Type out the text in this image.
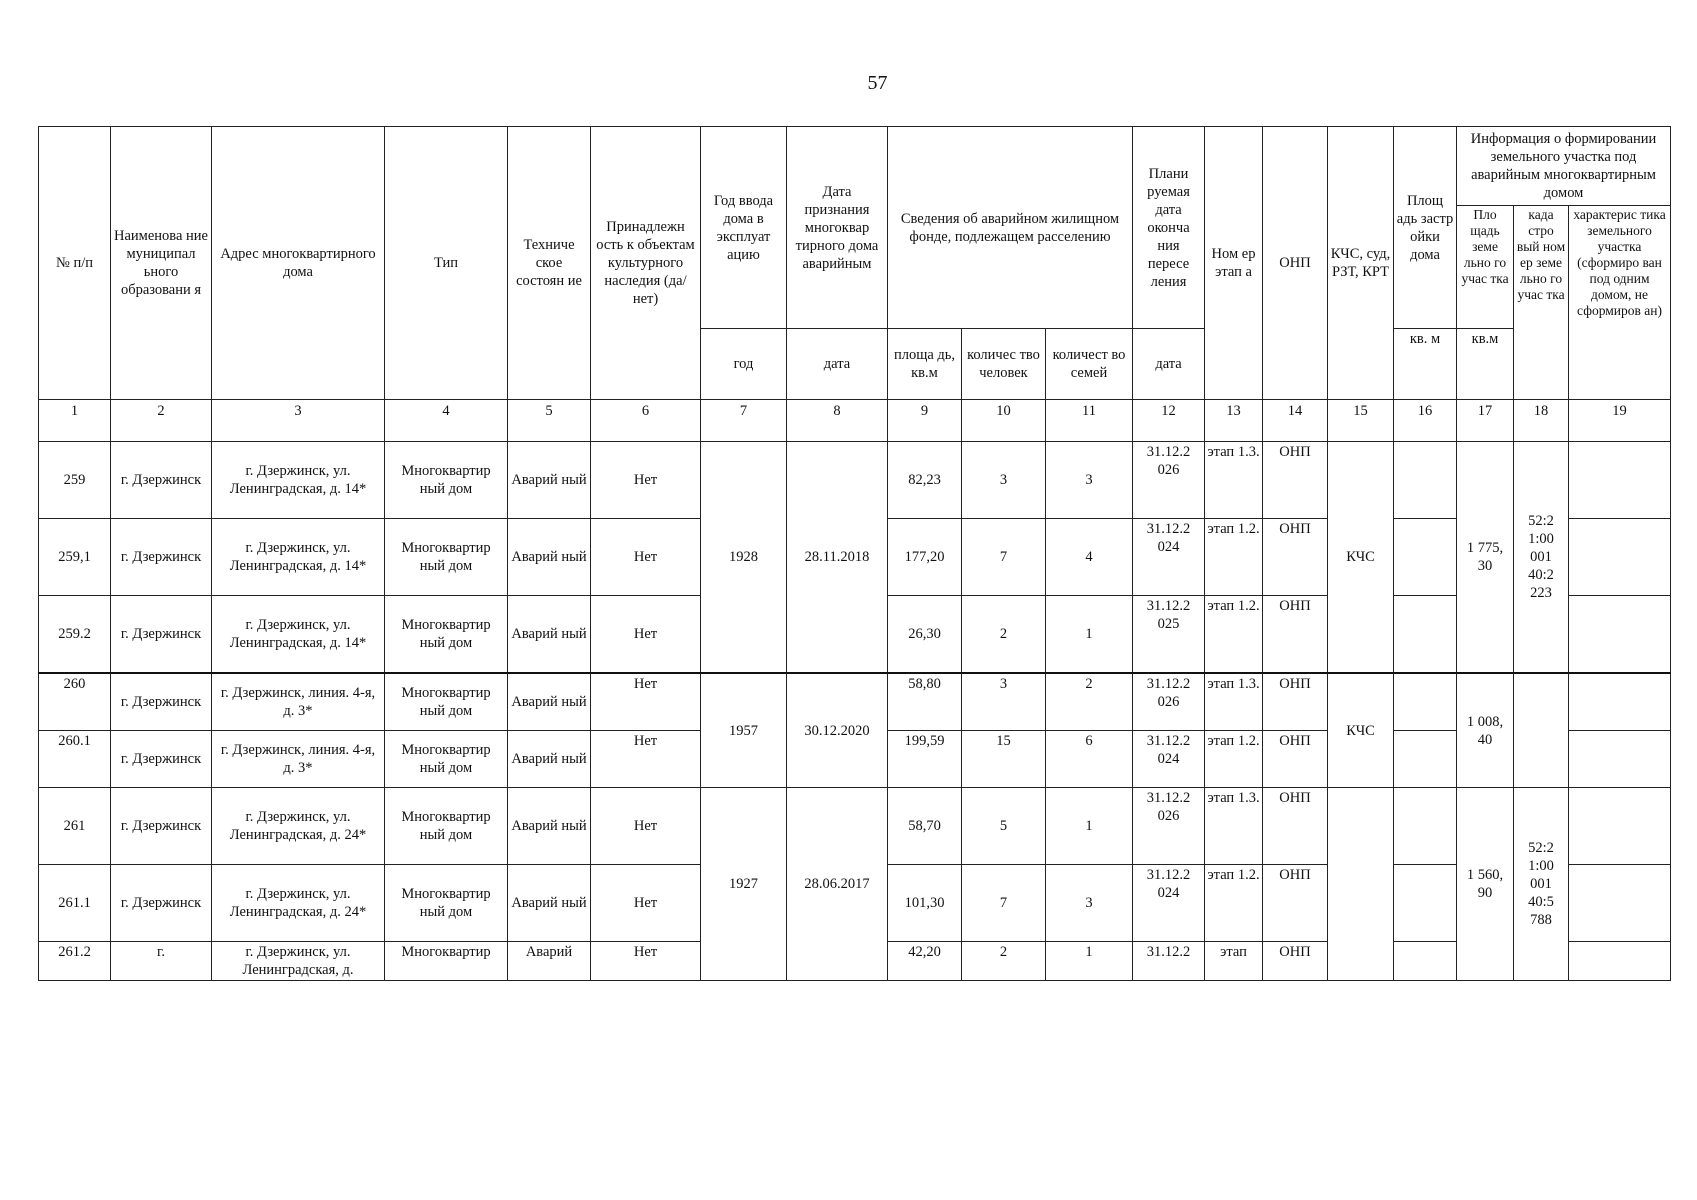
57
№ п/п	Наименова ние муниципал ьного образовани я	Адрес многоквартирного дома	Тип	Техниче ское состоян ие	Принадлежн ость к объектам культурного наследия (да/нет)	Год ввода дома в эксплуат ацию	Дата признания многоквар тирного дома аварийным	Сведения об аварийном жилищном фонде, подлежащем расселению			Плани руемая дата оконча ния пересе ления	Ном ер этап а	ОНП	КЧС, суд, РЗТ, КРТ	Площ адь застр ойки дома	Информация о формировании земельного участка под аварийным многоквартирным домом		
																Пло щадь земе льно го учас тка	када стро вый ном ер земе льно го учас тка	характерис тика земельного участка (сформиро ван под одним домом, не сформиров ан)
						год	дата	площа дь, кв.м	количес тво человек	количест во семей	дата				кв. м	кв.м		
1	2	3	4	5	6	7	8	9	10	11	12	13	14	15	16	17	18	19
259	г. Дзержинск	г. Дзержинск, ул. Ленинградская, д. 14*	Многоквартир ный дом	Аварий ный	Нет	1928	28.11.2018	82,23	3	3	31.12.2 026	этап 1.3.	ОНП	КЧС		1 775, 30	52:2 1:00 001 40:2 223	
259,1	г. Дзержинск	г. Дзержинск, ул. Ленинградская, д. 14*	Многоквартир ный дом	Аварий ный	Нет			177,20	7	4	31.12.2 024	этап 1.2.	ОНП					
259.2	г. Дзержинск	г. Дзержинск, ул. Ленинградская, д. 14*	Многоквартир ный дом	Аварий ный	Нет			26,30	2	1	31.12.2 025	этап 1.2.	ОНП					
260	г. Дзержинск	г. Дзержинск, линия. 4-я, д. 3*	Многоквартир ный дом	Аварий ный	Нет	1957	30.12.2020	58,80	3	2	31.12.2 026	этап 1.3.	ОНП	КЧС		1 008, 40		
260.1	г. Дзержинск	г. Дзержинск, линия. 4-я, д. 3*	Многоквартир ный дом	Аварий ный	Нет			199,59	15	6	31.12.2 024	этап 1.2.	ОНП					
261	г. Дзержинск	г. Дзержинск, ул. Ленинградская, д. 24*	Многоквартир ный дом	Аварий ный	Нет	1927	28.06.2017	58,70	5	1	31.12.2 026	этап 1.3.	ОНП			1 560, 90	52:2 1:00 001 40:5 788	
261.1	г. Дзержинск	г. Дзержинск, ул. Ленинградская, д. 24*	Многоквартир ный дом	Аварий ный	Нет			101,30	7	3	31.12.2 024	этап 1.2.	ОНП					
261.2	г.	г. Дзержинск, ул. Ленинградская, д.	Многоквартир	Аварий	Нет			42,20	2	1	31.12.2	этап	ОНП					
